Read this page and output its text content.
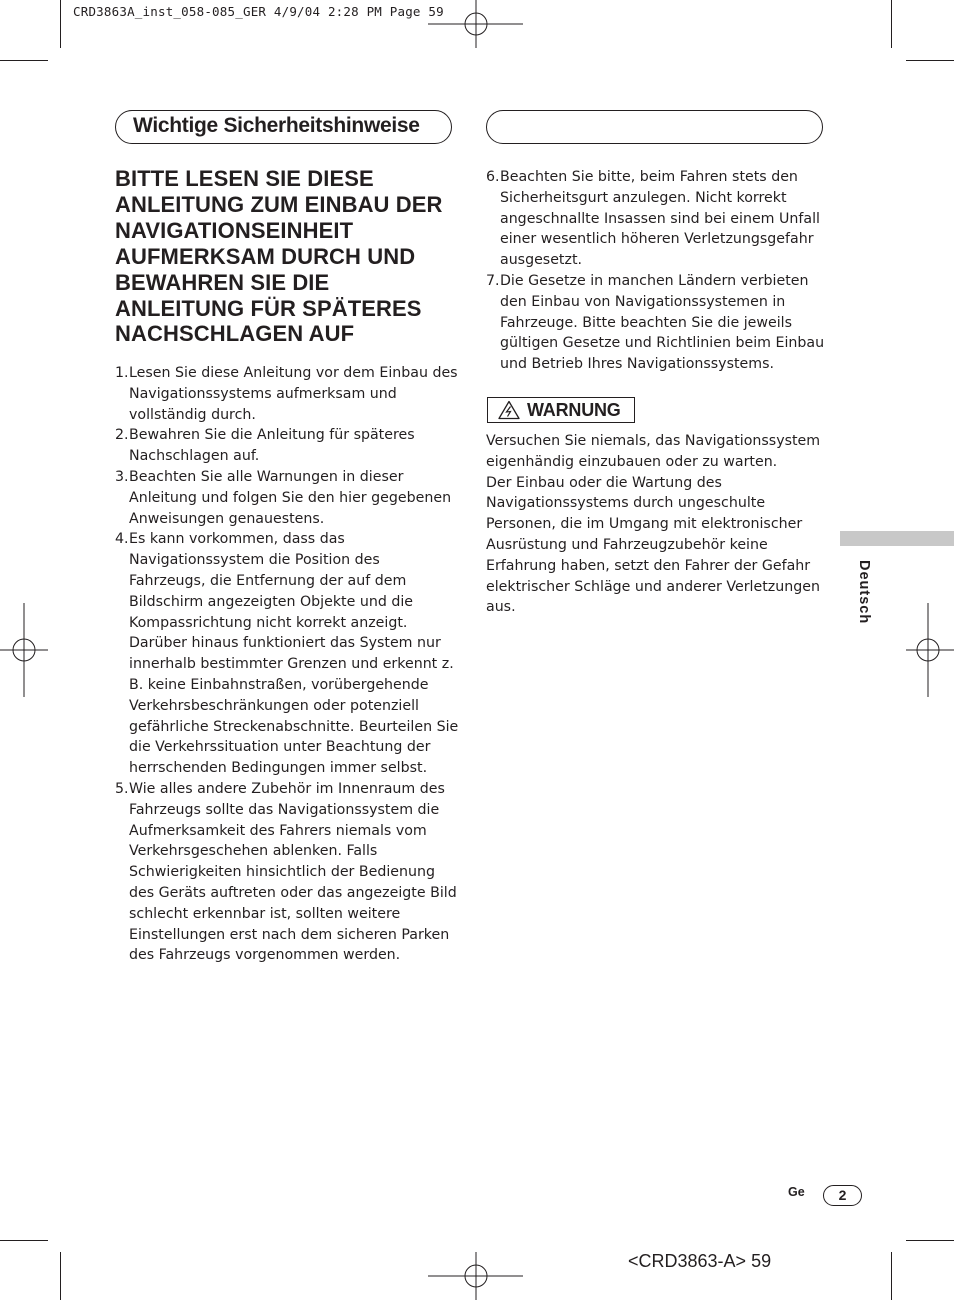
CRD3863A_inst_058-085_GER 4/9/04 2:28 PM Page 59
Wichtige Sicherheitshinweise
BITTE LESEN SIE DIESE ANLEITUNG ZUM EINBAU DER NAVIGATIONSEINHEIT AUFMERKSAM DURCH UND BEWAHREN SIE DIE ANLEITUNG FÜR SPÄTERES NACHSCHLAGEN AUF
1. Lesen Sie diese Anleitung vor dem Einbau des Navigationssystems aufmerksam und vollständig durch.
2. Bewahren Sie die Anleitung für späteres Nachschlagen auf.
3. Beachten Sie alle Warnungen in dieser Anleitung und folgen Sie den hier gegebenen Anweisungen genauestens.
4. Es kann vorkommen, dass das Navigationssystem die Position des Fahrzeugs, die Entfernung der auf dem Bildschirm angezeigten Objekte und die Kompassrichtung nicht korrekt anzeigt. Darüber hinaus funktioniert das System nur innerhalb bestimmter Grenzen und erkennt z. B. keine Einbahnstraßen, vorübergehende Verkehrsbeschränkungen oder potenziell gefährliche Streckenabschnitte. Beurteilen Sie die Verkehrssituation unter Beachtung der herrschenden Bedingungen immer selbst.
5. Wie alles andere Zubehör im Innenraum des Fahrzeugs sollte das Navigationssystem die Aufmerksamkeit des Fahrers niemals vom Verkehrsgeschehen ablenken. Falls Schwierigkeiten hinsichtlich der Bedienung des Geräts auftreten oder das angezeigte Bild schlecht erkennbar ist, sollten weitere Einstellungen erst nach dem sicheren Parken des Fahrzeugs vorgenommen werden.
6. Beachten Sie bitte, beim Fahren stets den Sicherheitsgurt anzulegen. Nicht korrekt angeschnallte Insassen sind bei einem Unfall einer wesentlich höheren Verletzungsgefahr ausgesetzt.
7. Die Gesetze in manchen Ländern verbieten den Einbau von Navigationssystemen in Fahrzeuge. Bitte beachten Sie die jeweils gültigen Gesetze und Richtlinien beim Einbau und Betrieb Ihres Navigationssystems.
WARNUNG

Versuchen Sie niemals, das Navigationssystem eigenhändig einzubauen oder zu warten.

Der Einbau oder die Wartung des Navigationssystems durch ungeschulte Personen, die im Umgang mit elektronischer Ausrüstung und Fahrzeugzubehör keine Erfahrung haben, setzt den Fahrer der Gefahr elektrischer Schläge und anderer Verletzungen aus.	Deutsch
Ge	2
<CRD3863-A> 59
